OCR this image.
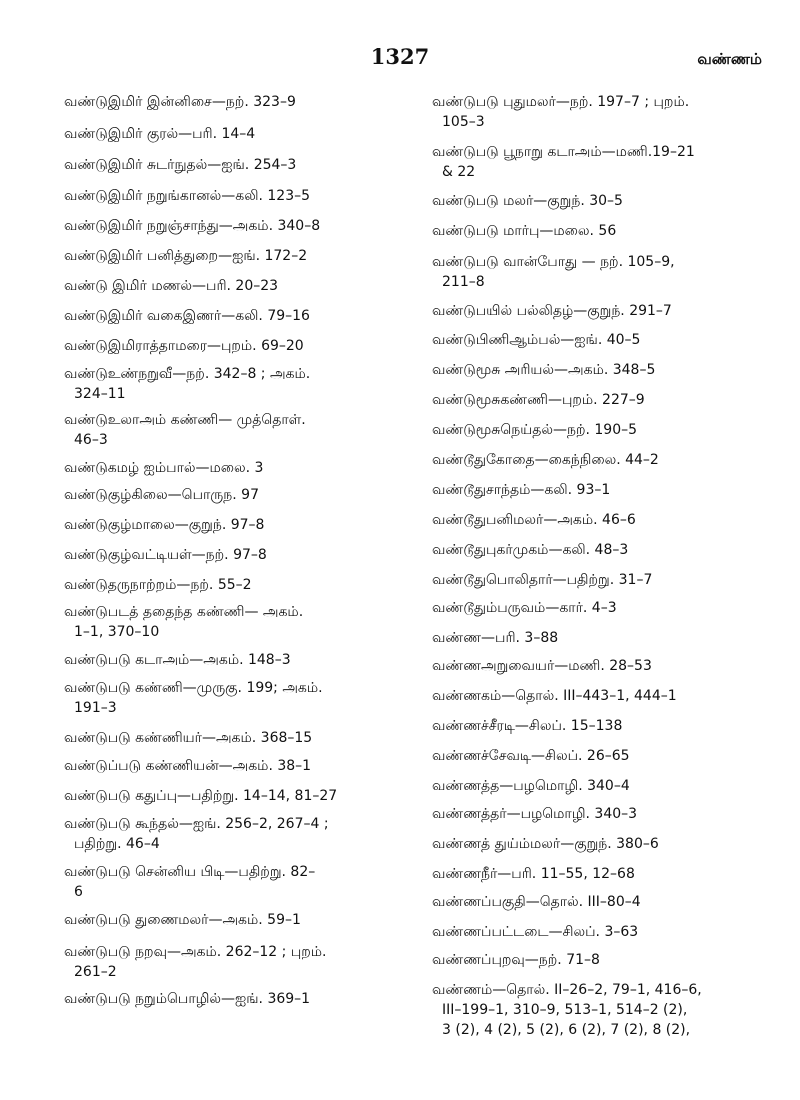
1327	வண்ணம்
வண்டுஇமிர் இன்னிசை—நற். 323–9
வண்டுஇமிர் குரல்—பரி. 14–4
வண்டுஇமிர் சுடர்நுதல்—ஐங். 254–3
வண்டுஇமிர் நறுங்கானல்—கலி. 123–5
வண்டுஇமிர் நறுஞ்சாந்து—அகம். 340–8
வண்டுஇமிர் பனித்துறை—ஐங். 172–2
வண்டு இமிர் மணல்—பரி. 20–23
வண்டுஇமிர் வகைஇணர்—கலி. 79–16
வண்டுஇமிராத்தாமரை—புறம். 69–20
வண்டுஉண்நறுவீ—நற். 342–8 ; அகம்.
324–11
வண்டுஉலாஅம் கண்ணி— முத்தொள்.
46–3
வண்டுகமழ் ஐம்பால்—மலை. 3
வண்டுகுழ்கிலை—பொருந. 97
வண்டுகுழ்மாலை—குறுந். 97–8
வண்டுகுழ்வட்டியள்—நற். 97–8
வண்டுதருநாற்றம்—நற். 55–2
வண்டுபடத் ததைந்த கண்ணி— அகம்.
1–1, 370–10
வண்டுபடு கடாஅம்—அகம். 148–3
வண்டுபடு கண்ணி—முருகு. 199; அகம்.
191–3
வண்டுபடு கண்ணியர்—அகம். 368–15
வண்டுப்படு கண்ணியன்—அகம். 38–1
வண்டுபடு கதுப்பு—பதிற்று. 14–14, 81–27
வண்டுபடு கூந்தல்—ஐங். 256–2, 267–4 ;
பதிற்று. 46–4
வண்டுபடு சென்னிய பிடி—பதிற்று. 82–
6
வண்டுபடு துணைமலர்—அகம். 59–1
வண்டுபடு நறவு—அகம். 262–12 ; புறம்.
261–2
வண்டுபடு நறும்பொழில்—ஐங். 369–1
வண்டுபடு புதுமலர்—நற். 197–7 ; புறம்.
105–3
வண்டுபடு பூநாறு கடாஅம்—மணி.19–21
& 22
வண்டுபடு மலர்—குறுந். 30–5
வண்டுபடு மார்பு—மலை. 56
வண்டுபடு வான்போது — நற். 105–9,
211–8
வண்டுபயில் பல்லிதழ்—குறுந். 291–7
வண்டுபிணிஆம்பல்—ஐங். 40–5
வண்டுமூசு அரியல்—அகம். 348–5
வண்டுமூசுகண்ணி—புறம். 227–9
வண்டுமூசுநெய்தல்—நற். 190–5
வண்டூதுகோதை—கைந்நிலை. 44–2
வண்டூதுசாந்தம்—கலி. 93–1
வண்டூதுபனிமலர்—அகம். 46–6
வண்டூதுபுகர்முகம்—கலி. 48–3
வண்டூதுபொலிதார்—பதிற்று. 31–7
வண்டூதும்பருவம்—கார். 4–3
வண்ண—பரி. 3–88
வண்ணஅறுவையர்—மணி. 28–53
வண்ணகம்—தொல். III–443–1, 444–1
வண்ணச்சீரடி—சிலப். 15–138
வண்ணச்சேவடி—சிலப். 26–65
வண்ணத்த—பழமொழி. 340–4
வண்ணத்தர்—பழமொழி. 340–3
வண்ணத் துய்ம்மலர்—குறுந். 380–6
வண்ணநீர்—பரி. 11–55, 12–68
வண்ணப்பகுதி—தொல். III–80–4
வண்ணப்பட்டடை—சிலப். 3–63
வண்ணப்புறவு—நற். 71–8
வண்ணம்—தொல். II–26–2, 79–1, 416–6,
III–199–1, 310–9, 513–1, 514–2 (2),
3 (2), 4 (2), 5 (2), 6 (2), 7 (2), 8 (2),
